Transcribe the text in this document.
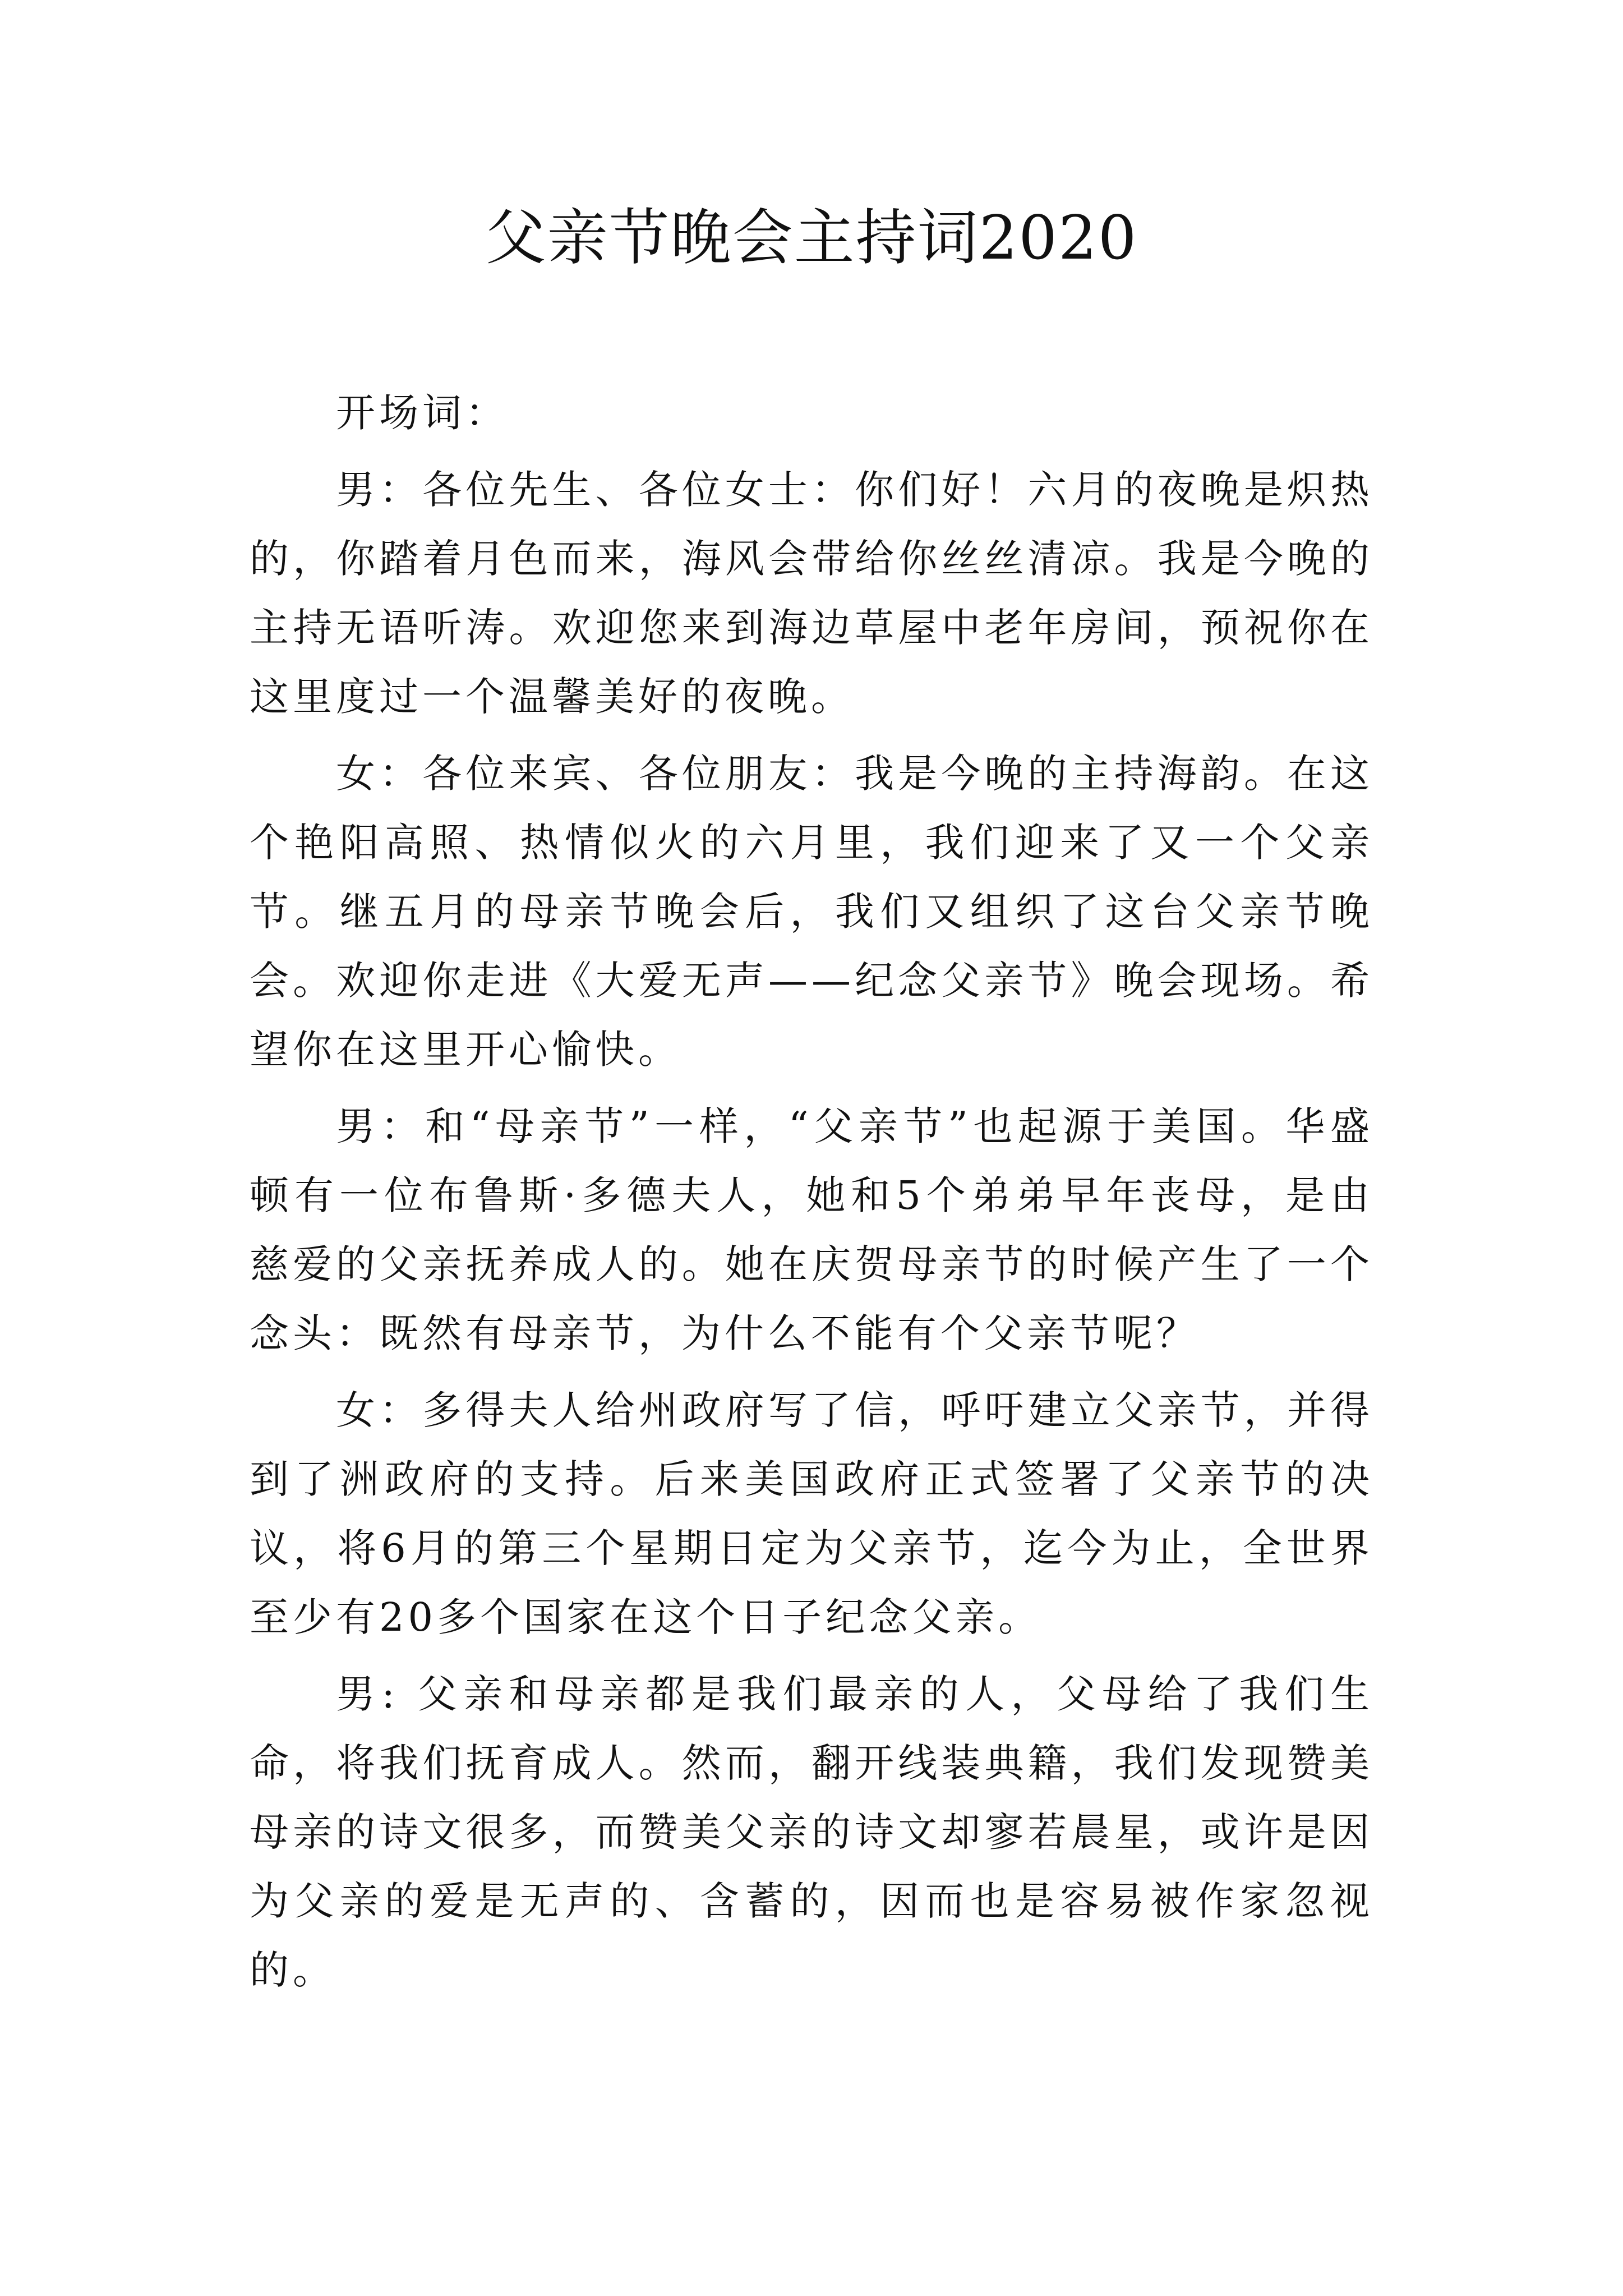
父亲节晚会主持词2020

开场词：

男：各位先生、各位女士：你们好！六月的夜晚是炽热的，你踏着月色而来，海风会带给你丝丝清凉。我是今晚的主持无语听涛。欢迎您来到海边草屋中老年房间，预祝你在这里度过一个温馨美好的夜晚。

女：各位来宾、各位朋友：我是今晚的主持海韵。在这个艳阳高照、热情似火的六月里，我们迎来了又一个父亲节。继五月的母亲节晚会后，我们又组织了这台父亲节晚会。欢迎你走进《大爱无声——纪念父亲节》晚会现场。希望你在这里开心愉快。

男：和“母亲节”一样，“父亲节”也起源于美国。华盛顿有一位布鲁斯·多德夫人，她和5个弟弟早年丧母，是由慈爱的父亲抚养成人的。她在庆贺母亲节的时候产生了一个念头：既然有母亲节，为什么不能有个父亲节呢？

女：多得夫人给州政府写了信，呼吁建立父亲节，并得到了洲政府的支持。后来美国政府正式签署了父亲节的决议，将6月的第三个星期日定为父亲节，迄今为止，全世界至少有20多个国家在这个日子纪念父亲。

男: 父亲和母亲都是我们最亲的人，父母给了我们生命，将我们抚育成人。然而，翻开线装典籍，我们发现赞美母亲的诗文很多，而赞美父亲的诗文却寥若晨星，或许是因为父亲的爱是无声的、含蓄的，因而也是容易被作家忽视的。
